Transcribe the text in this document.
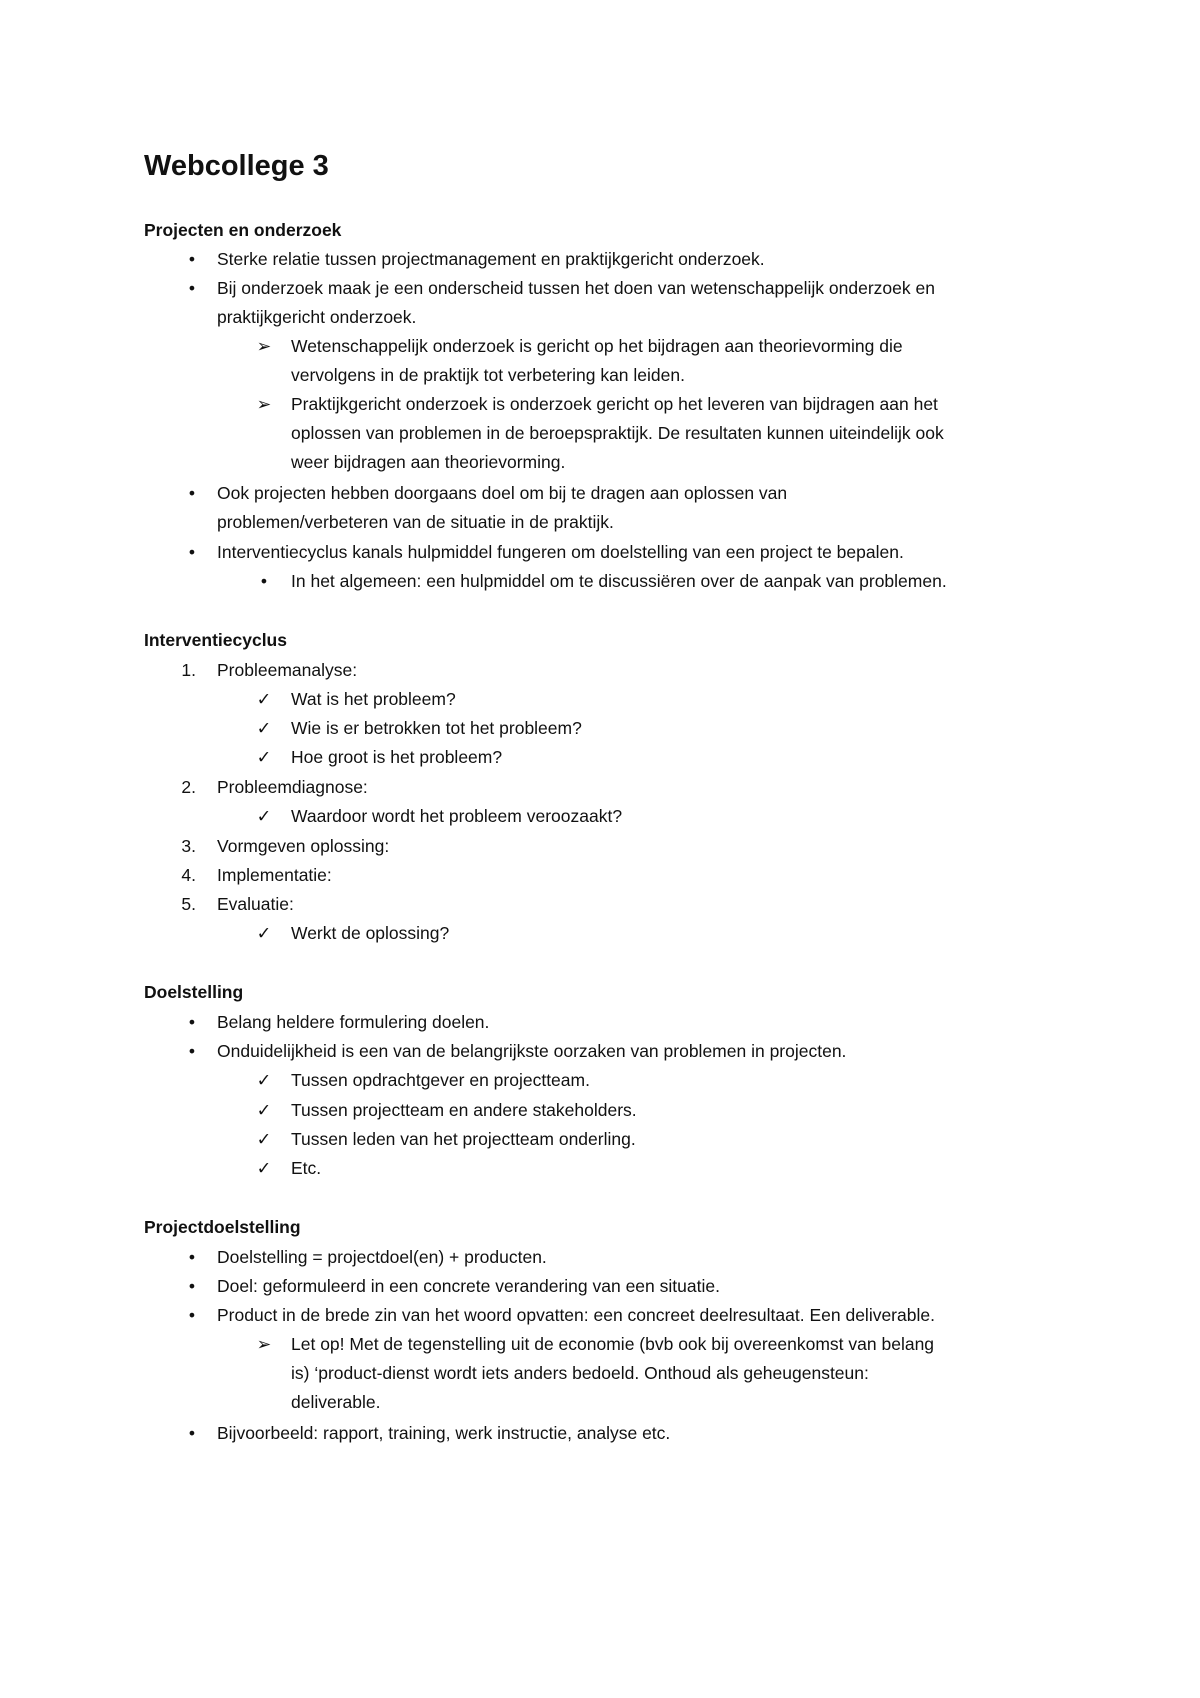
Webcollege 3
Projecten en onderzoek
•	Sterke relatie tussen projectmanagement en praktijkgericht onderzoek.

•	Bij onderzoek maak je een onderscheid tussen het doen van wetenschappelijk onderzoek en

praktijkgericht onderzoek.

➢ Wetenschappelijk onderzoek is gericht op het bijdragen aan theorievorming die

vervolgens in de praktijk tot verbetering kan leiden.

➢ Praktijkgericht onderzoek is onderzoek gericht op het leveren van bijdragen aan het

oplossen van problemen in de beroepspraktijk. De resultaten kunnen uiteindelijk ook

weer bijdragen aan theorievorming.

•	Ook projecten hebben doorgaans doel om bij te dragen aan oplossen van

problemen/verbeteren van de situatie in de praktijk.

•	Interventiecyclus kanals hulpmiddel fungeren om doelstelling van een project te bepalen.

•	In het algemeen: een hulpmiddel om te discussiëren over de aanpak van problemen.

Interventiecyclus
1. Probleemanalyse:

✓ Wat is het probleem?

✓ Wie is er betrokken tot het probleem?

✓ Hoe groot is het probleem?

2. Probleemdiagnose:

✓ Waardoor wordt het probleem veroozaakt?

3. Vormgeven oplossing:

4. Implementatie:

5. Evaluatie:

✓ Werkt de oplossing?

Doelstelling
•	Belang heldere formulering doelen.

•	Onduidelijkheid is een van de belangrijkste oorzaken van problemen in projecten.

✓ Tussen opdrachtgever en projectteam.

✓ Tussen projectteam en andere stakeholders.

✓ Tussen leden van het projectteam onderling.

✓ Etc.

Projectdoelstelling
•	Doelstelling = projectdoel(en) + producten.

•	Doel: geformuleerd in een concrete verandering van een situatie.

•	Product in de brede zin van het woord opvatten: een concreet deelresultaat. Een deliverable.

➢ Let op! Met de tegenstelling uit de economie (bvb ook bij overeenkomst van belang

is) ‘product-dienst wordt iets anders bedoeld. Onthoud als geheugensteun:

deliverable.

•	Bijvoorbeeld: rapport, training, werk instructie, analyse etc.
